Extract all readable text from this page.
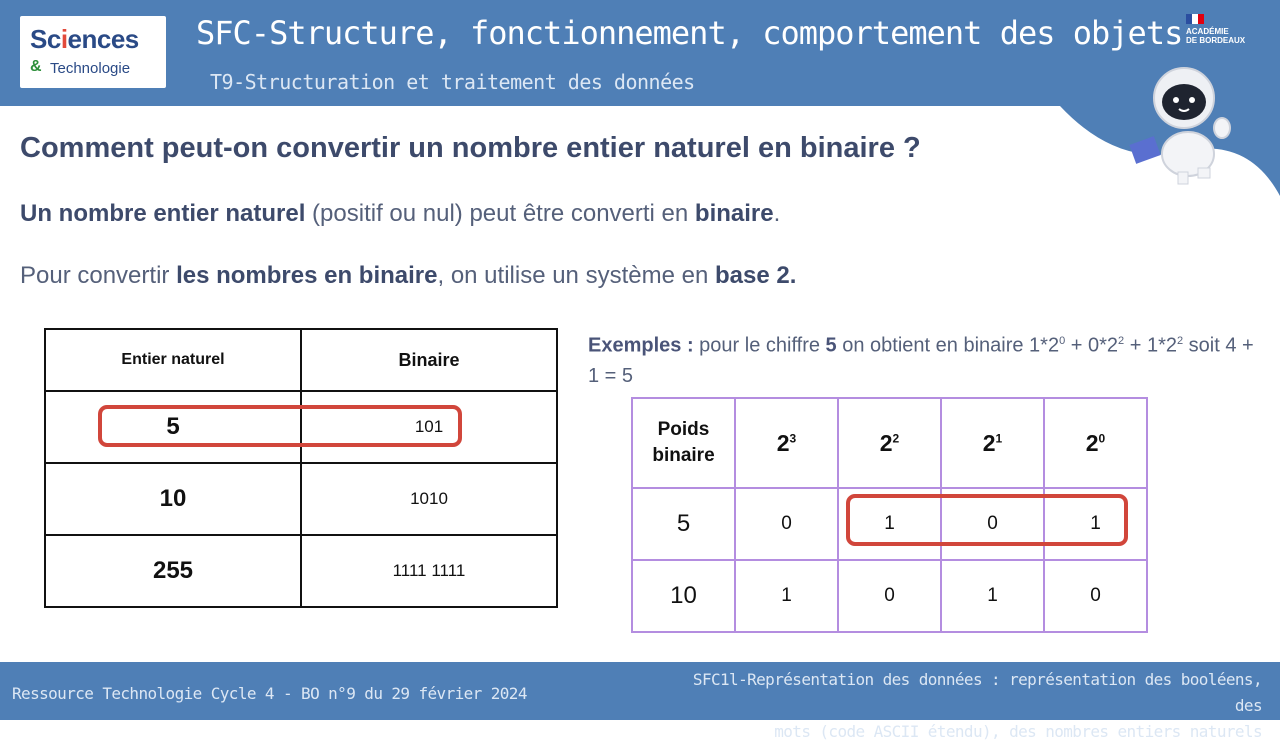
Sciences
& Technologie
SFC-Structure, fonctionnement, comportement des objets
T9-Structuration et traitement des données
ACADÉMIE
DE BORDEAUX
Comment peut-on convertir un nombre entier naturel en binaire ?
Un nombre entier naturel (positif ou nul) peut être converti en binaire.
Pour convertir les nombres en binaire, on utilise un système en base 2.
Entier naturel	Binaire
5	101
10	1010
255	1111 1111
Exemples : pour le chiffre 5 on obtient en binaire $1*2^0 + 0*2^2 + 1*2^2$ soit 4 + 1 = 5
Poids
binaire	$2^3$	$2^2$	$2^1$	$2^0$
5	0	1	0	1
10	1	0	1	0
Ressource Technologie Cycle 4 - BO n°9 du 29 février 2024
SFC1l-Représentation des données : représentation des booléens, des
mots (code ASCII étendu), des nombres entiers naturels
